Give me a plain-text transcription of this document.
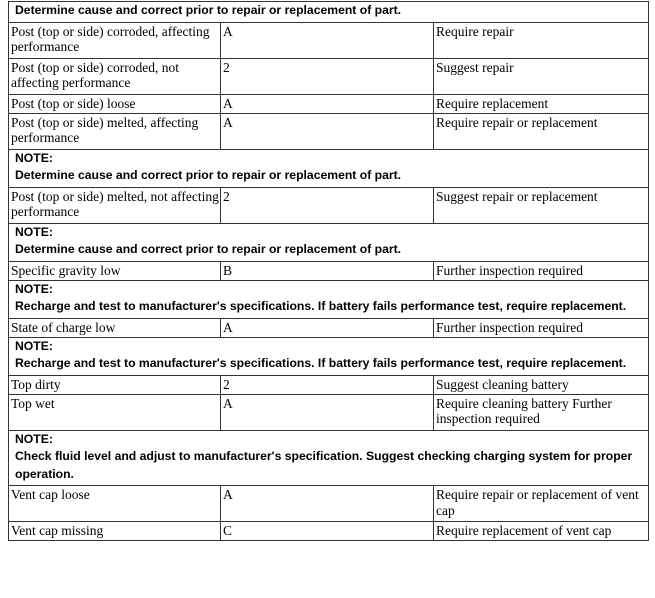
Determine cause and correct prior to repair or replacement of part.		

Post (top or side) corroded, affecting performance	A	Require repair
Post (top or side) corroded, not affecting performance	2	Suggest repair
Post (top or side) loose	A	Require replacement
Post (top or side) melted, affecting performance	A	Require repair or replacement

NOTE:
Determine cause and correct prior to repair or replacement of part.		

Post (top or side) melted, not affecting performance	2	Suggest repair or replacement

NOTE:
Determine cause and correct prior to repair or replacement of part.		

Specific gravity low	B	Further inspection required

NOTE:
Recharge and test to manufacturer's specifications. If battery fails performance test, require replacement.		

State of charge low	A	Further inspection required

NOTE:
Recharge and test to manufacturer's specifications. If battery fails performance test, require replacement.		

Top dirty	2	Suggest cleaning battery
Top wet	A	Require cleaning battery Further inspection required

NOTE:
Check fluid level and adjust to manufacturer's specification. Suggest checking charging system for proper operation.		

Vent cap loose	A	Require repair or replacement of vent cap
Vent cap missing	C	Require replacement of vent cap
